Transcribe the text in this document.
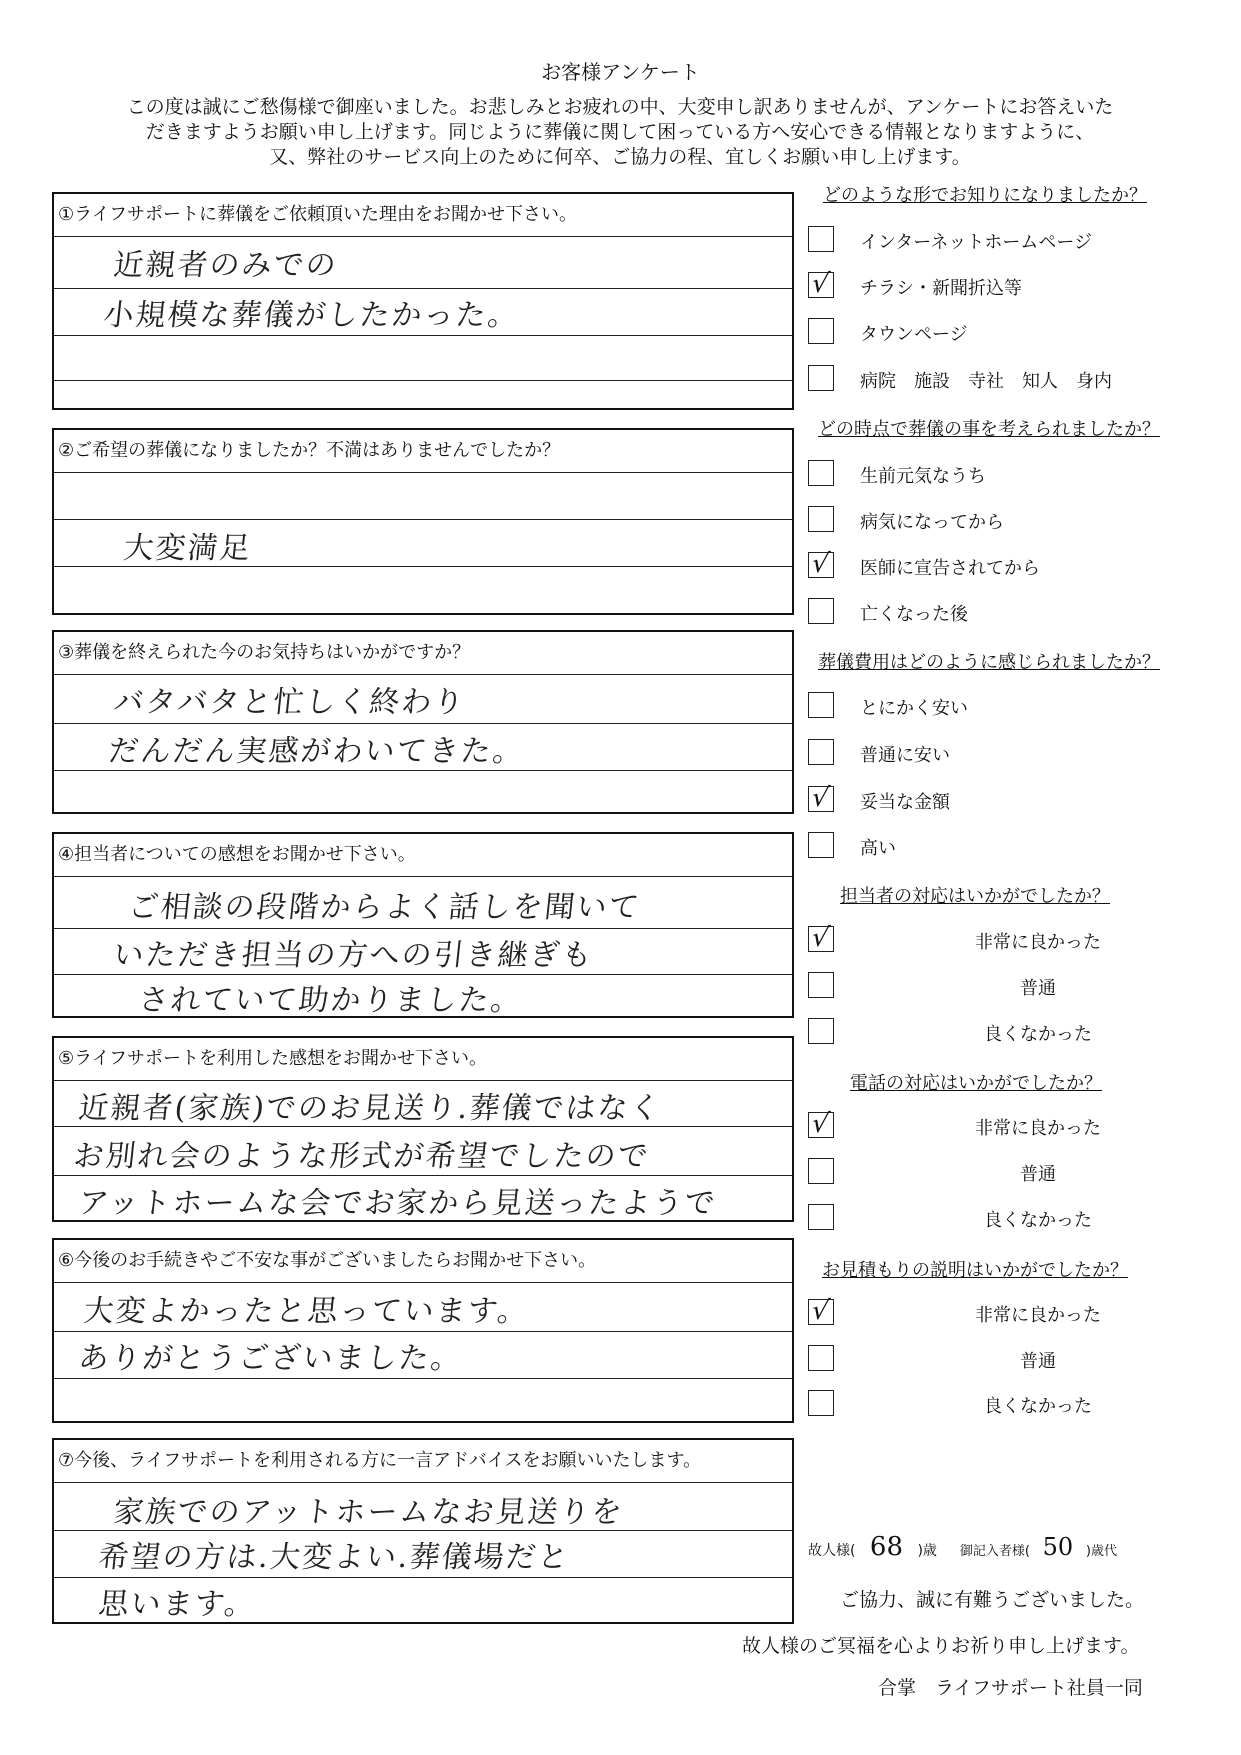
お客様アンケート
この度は誠にご愁傷様で御座いました。お悲しみとお疲れの中、大変申し訳ありませんが、アンケートにお答えいた
だきますようお願い申し上げます。同じように葬儀に関して困っている方へ安心できる情報となりますように、
又、弊社のサービス向上のために何卒、ご協力の程、宜しくお願い申し上げます。
①ライフサポートに葬儀をご依頼頂いた理由をお聞かせ下さい。
近親者のみでの
小規模な葬儀がしたかった。
②ご希望の葬儀になりましたか？不満はありませんでしたか？
大変満足
③葬儀を終えられた今のお気持ちはいかがですか？
バタバタと忙しく終わり
だんだん実感がわいてきた。
④担当者についての感想をお聞かせ下さい。
ご相談の段階からよく話しを聞いて
いただき担当の方への引き継ぎも
されていて助かりました。
⑤ライフサポートを利用した感想をお聞かせ下さい。
近親者(家族)でのお見送り.葬儀ではなく
お別れ会のような形式が希望でしたので
アットホームな会でお家から見送ったようで
⑥今後のお手続きやご不安な事がございましたらお聞かせ下さい。
大変よかったと思っています。
ありがとうございました。
⑦今後、ライフサポートを利用される方に一言アドバイスをお願いいたします。
家族でのアットホームなお見送りを
希望の方は.大変よい.葬儀場だと
思います。
どのような形でお知りになりましたか？
インターネットホームページ
√ チラシ・新聞折込等
タウンページ
病院　施設　寺社　知人　身内
どの時点で葬儀の事を考えられましたか？
生前元気なうち
病気になってから
√ 医師に宣告されてから
亡くなった後
葬儀費用はどのように感じられましたか？
とにかく安い
普通に安い
√ 妥当な金額
高い
担当者の対応はいかがでしたか？
√	非常に良かった
普通
良くなかった
電話の対応はいかがでしたか？
√	非常に良かった
普通
良くなかった
お見積もりの説明はいかがでしたか？
√	非常に良かった
普通
良くなかった
故人様( 68 )歳 御記入者様( 50 )歳代
ご協力、誠に有難うございました。
故人様のご冥福を心よりお祈り申し上げます。
合掌　ライフサポート社員一同
